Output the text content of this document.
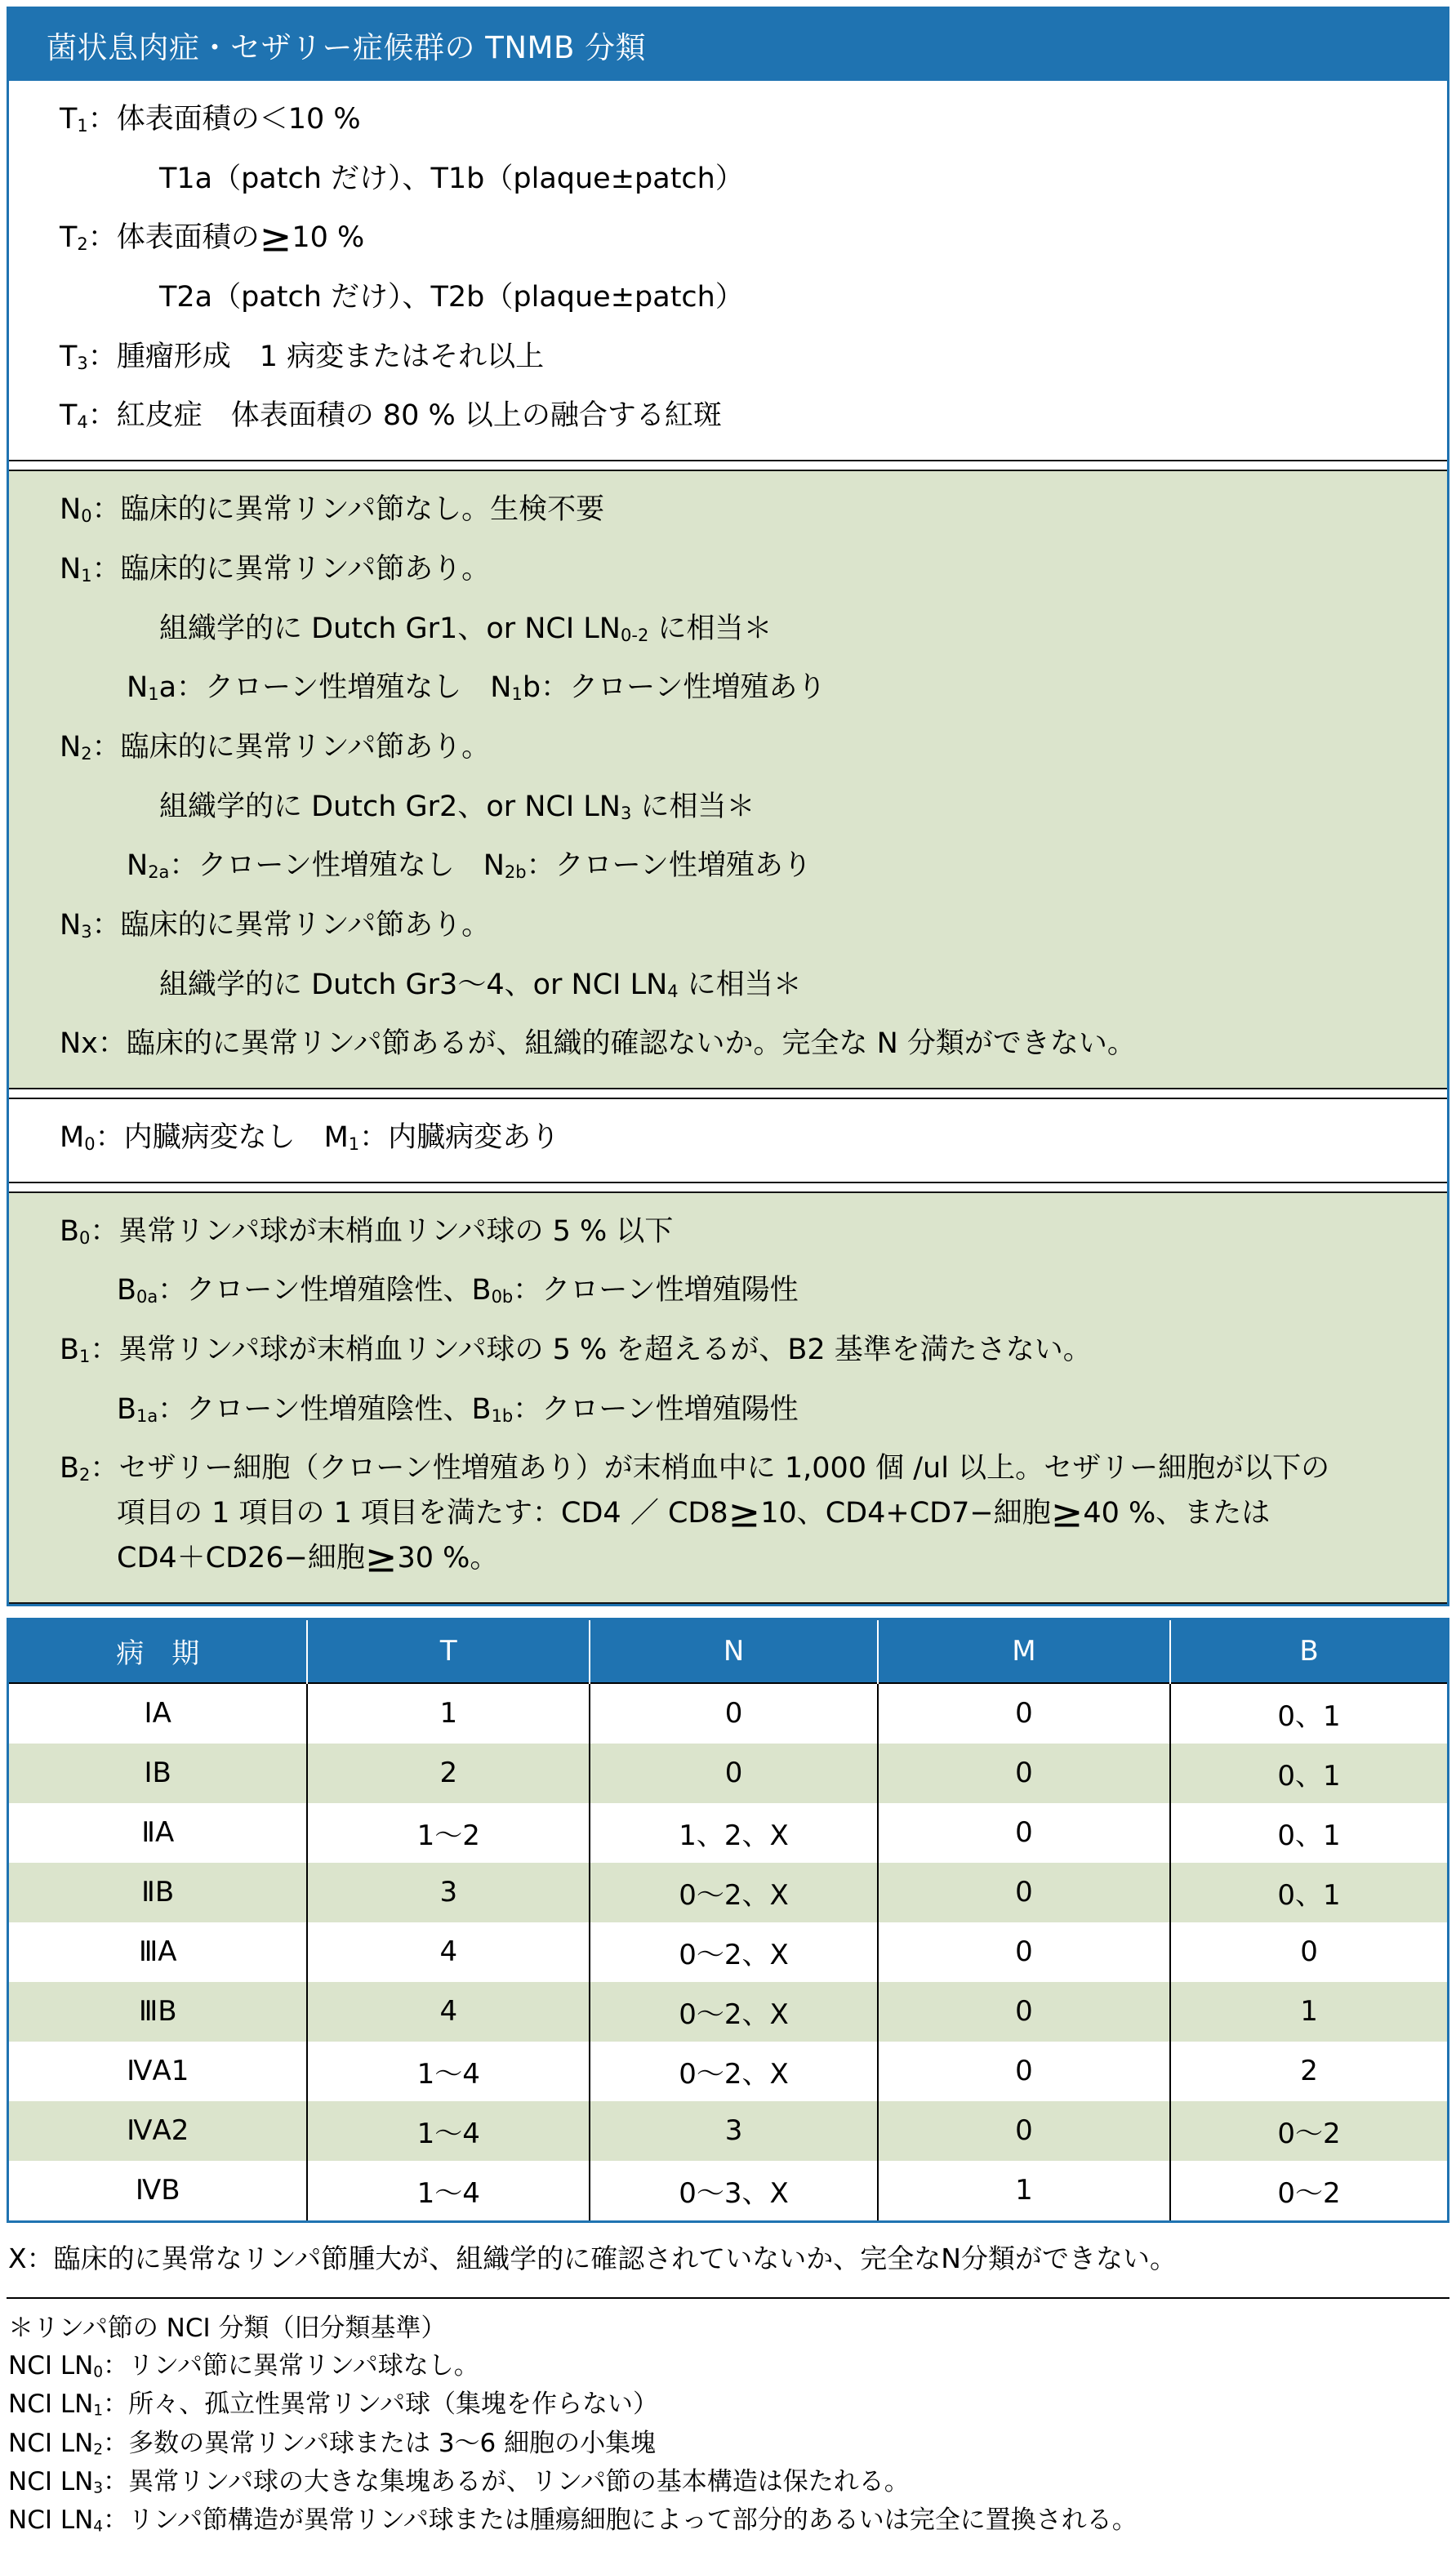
菌状息肉症・セザリー症候群の TNMB 分類
T1：体表面積の＜10 %
T1a（patch だけ）、T1b（plaque±patch）
T2：体表面積の≥10 %
T2a（patch だけ）、T2b（plaque±patch）
T3：腫瘤形成　1 病変またはそれ以上
T4：紅皮症　体表面積の 80 % 以上の融合する紅斑
N0：臨床的に異常リンパ節なし。生検不要
N1：臨床的に異常リンパ節あり。
組織学的に Dutch Gr1、or NCI LN0-2 に相当＊
N1a：クローン性増殖なし　N1b：クローン性増殖あり
N2：臨床的に異常リンパ節あり。
組織学的に Dutch Gr2、or NCI LN3 に相当＊
N2a：クローン性増殖なし　N2b：クローン性増殖あり
N3：臨床的に異常リンパ節あり。
組織学的に Dutch Gr3〜4、or NCI LN4 に相当＊
Nx：臨床的に異常リンパ節あるが、組織的確認ないか。完全な N 分類ができない。
M0：内臓病変なし　M1：内臓病変あり
B0：異常リンパ球が末梢血リンパ球の 5 % 以下
B0a：クローン性増殖陰性、B0b：クローン性増殖陽性
B1：異常リンパ球が末梢血リンパ球の 5 % を超えるが、B2 基準を満たさない。
B1a：クローン性増殖陰性、B1b：クローン性増殖陽性
B2：セザリー細胞（クローン性増殖あり）が末梢血中に 1,000 個 /ul 以上。セザリー細胞が以下の
項目の 1 項目の 1 項目を満たす：CD4 ／ CD8≥10、CD4+CD7−細胞≥40 %、または
CD4＋CD26−細胞≥30 %。
病　期	T	N	M	B
ⅠA	1	0	0	0、1
ⅠB	2	0	0	0、1
ⅡA	1〜2	1、2、X	0	0、1
ⅡB	3	0〜2、X	0	0、1
ⅢA	4	0〜2、X	0	0
ⅢB	4	0〜2、X	0	1
ⅣA1	1〜4	0〜2、X	0	2
ⅣA2	1〜4	3	0	0〜2
ⅣB	1〜4	0〜3、X	1	0〜2

X：臨床的に異常なリンパ節腫大が、組織学的に確認されていないか、完全なN分類ができない。

＊リンパ節の NCI 分類（旧分類基準）

NCI LN0：リンパ節に異常リンパ球なし。

NCI LN1：所々、孤立性異常リンパ球（集塊を作らない）

NCI LN2：多数の異常リンパ球または 3〜6 細胞の小集塊

NCI LN3：異常リンパ球の大きな集塊あるが、リンパ節の基本構造は保たれる。

NCI LN4：リンパ節構造が異常リンパ球または腫瘍細胞によって部分的あるいは完全に置換される。
